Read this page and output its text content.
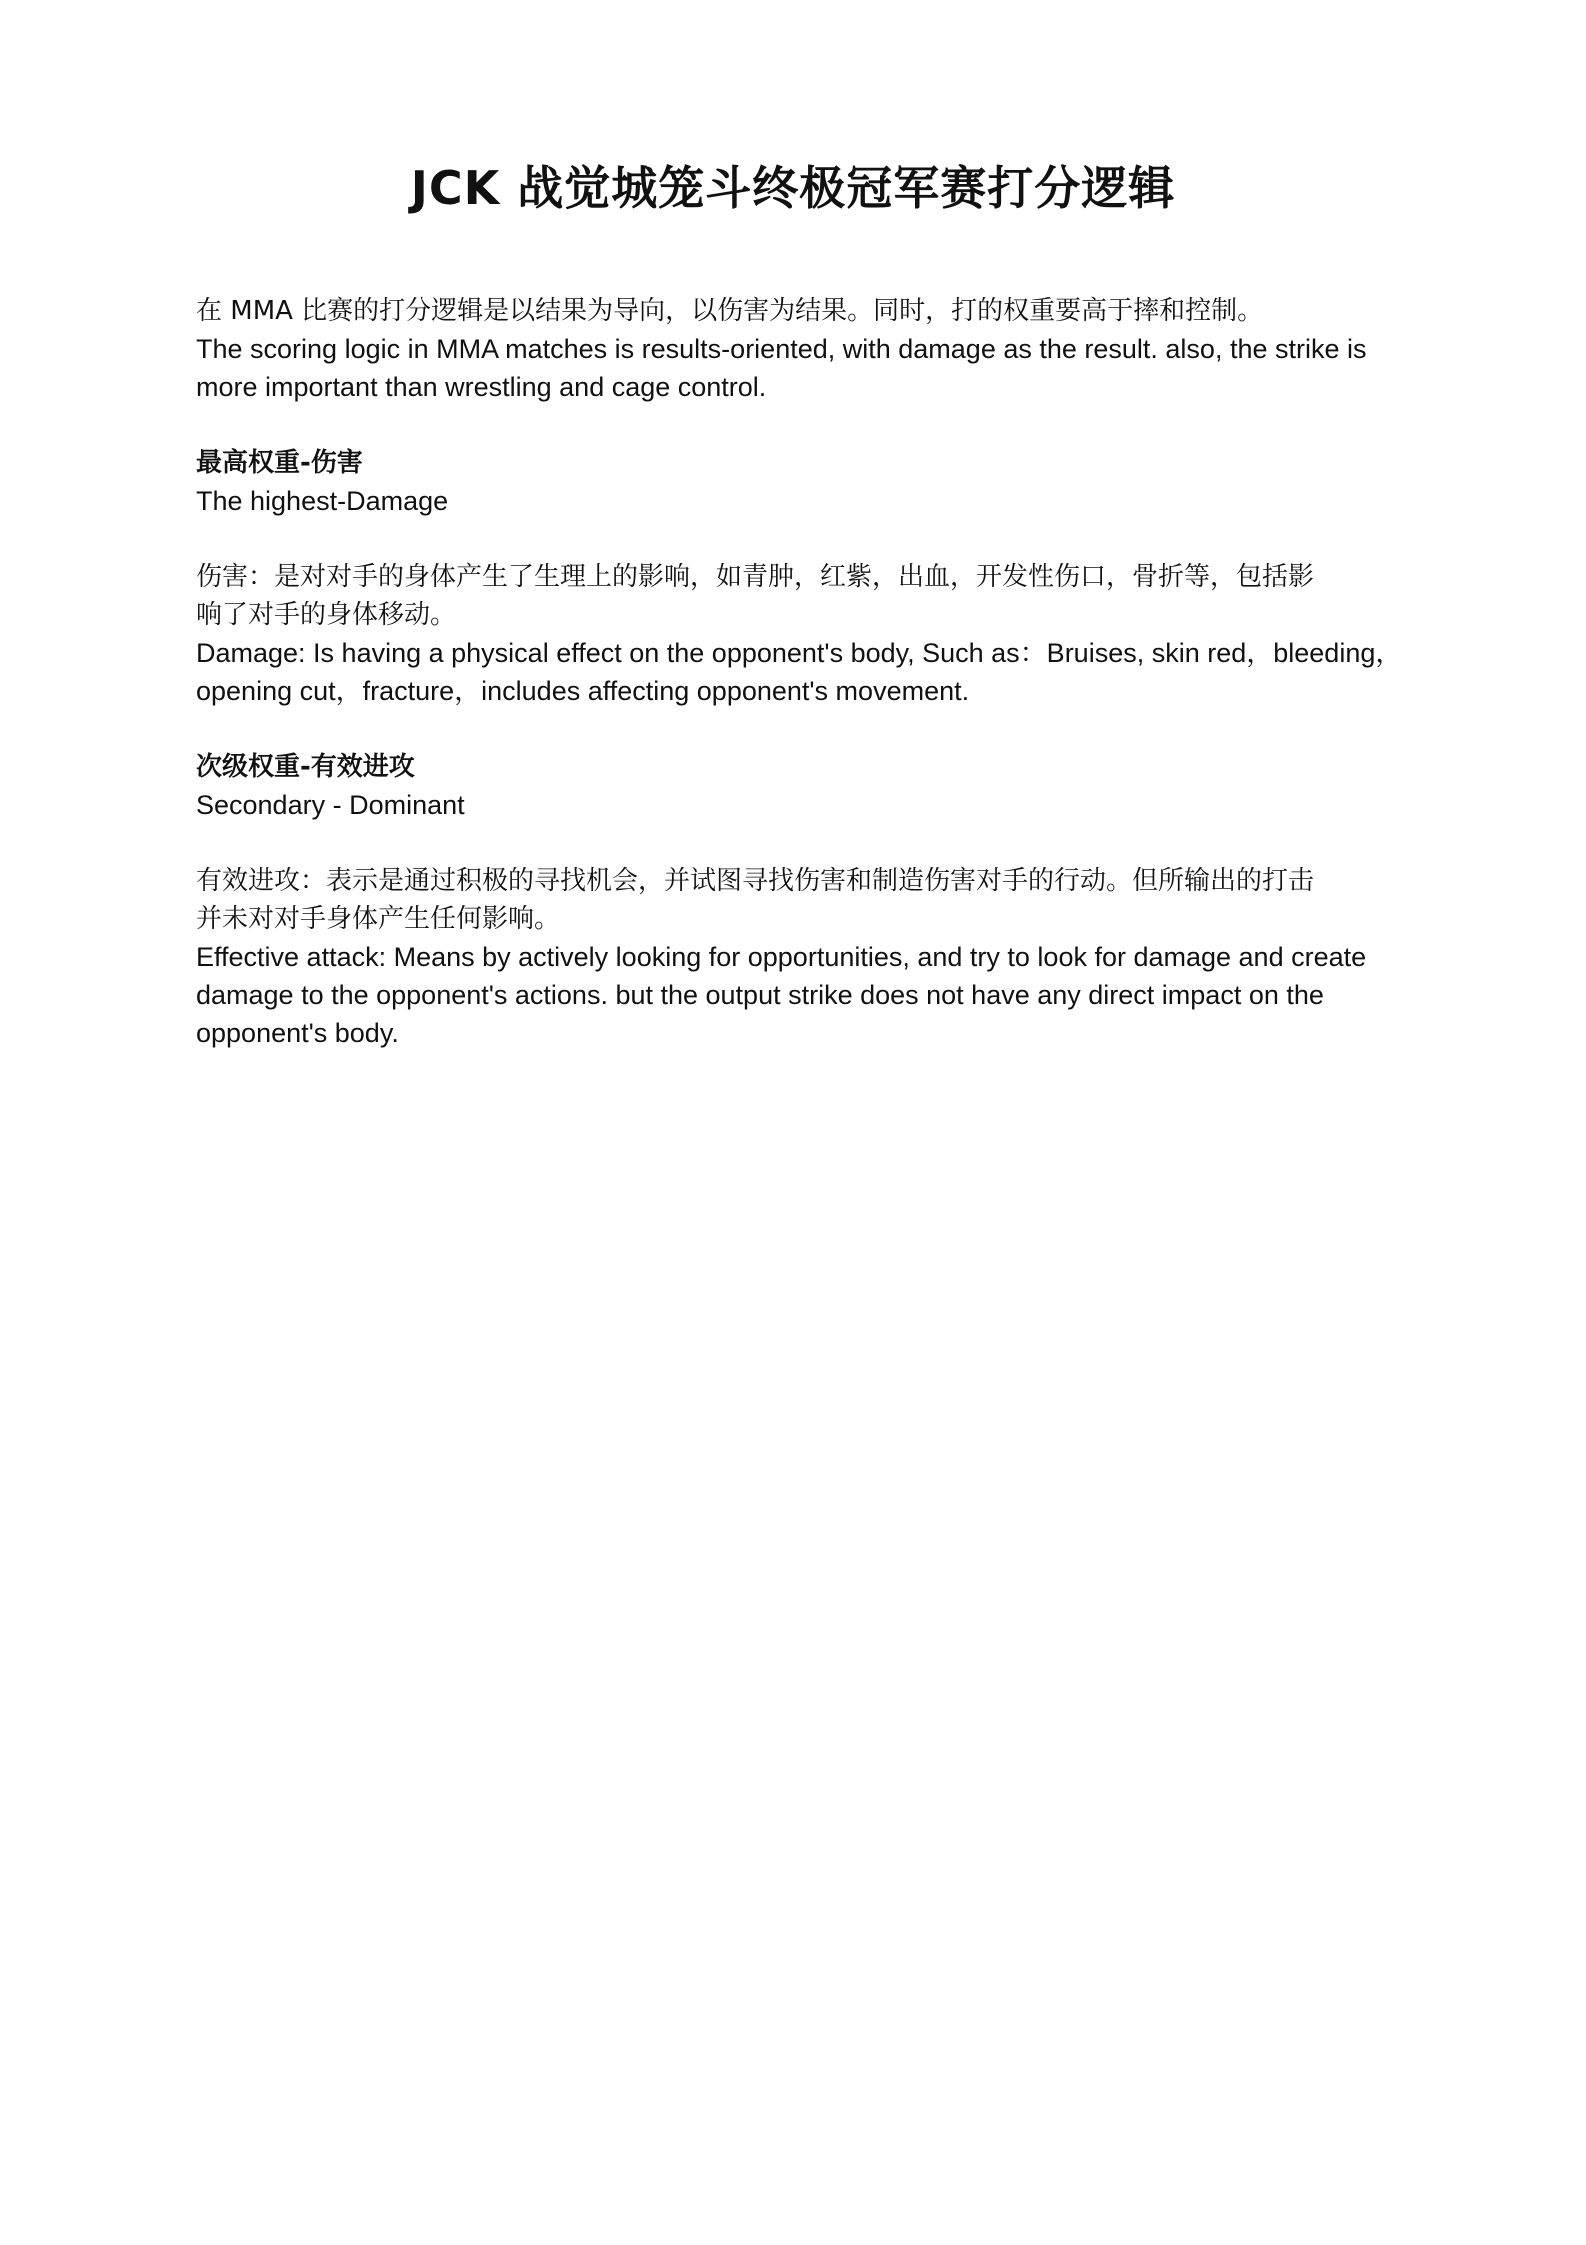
JCK 战觉城笼斗终极冠军赛打分逻辑
在 MMA 比赛的打分逻辑是以结果为导向，以伤害为结果。同时，打的权重要高于摔和控制。
The scoring logic in MMA matches is results-oriented, with damage as the result. also, the strike is
more important than wrestling and cage control.
最高权重-伤害
The highest-Damage
伤害：是对对手的身体产生了生理上的影响，如青肿，红紫，出血，开发性伤口，骨折等，包括影
响了对手的身体移动。
Damage: Is having a physical effect on the opponent's body, Such as：Bruises, skin red，bleeding，
opening cut，fracture，includes affecting opponent's movement.
次级权重-有效进攻
Secondary - Dominant
有效进攻：表示是通过积极的寻找机会，并试图寻找伤害和制造伤害对手的行动。但所输出的打击
并未对对手身体产生任何影响。
Effective attack: Means by actively looking for opportunities, and try to look for damage and create
damage to the opponent's actions. but the output strike does not have any direct impact on the
opponent's body.
